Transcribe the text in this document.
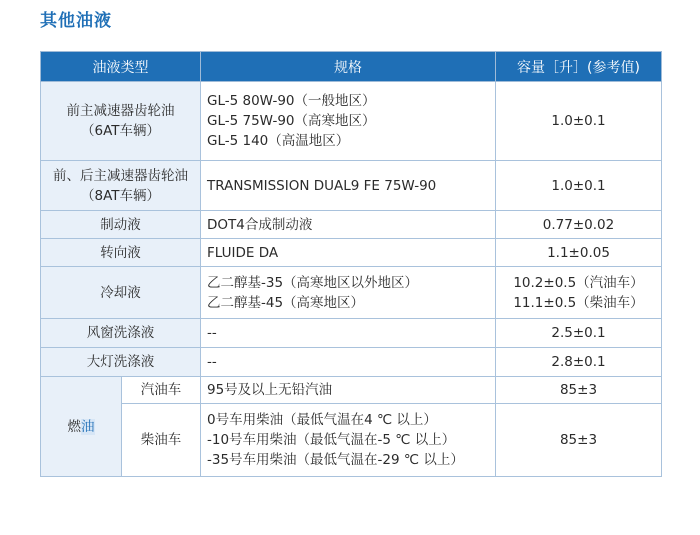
其他油液
油液类型		规格	容量［升］(参考值)

前主减速器齿轮油
（6AT车辆）		GL-5 80W-90（一般地区）
GL-5 75W-90（高寒地区）
GL-5 140（高温地区）	1.0±0.1

前、后主减速器齿轮油
（8AT车辆）		TRANSMISSION DUAL9 FE 75W-90	1.0±0.1

制动液		DOT4合成制动液	0.77±0.02

转向液		FLUIDE DA	1.1±0.05

冷却液		乙二醇基-35（高寒地区以外地区）
乙二醇基-45（高寒地区）	10.2±0.5（汽油车）
11.1±0.5（柴油车）

风窗洗涤液		--	2.5±0.1

大灯洗涤液		--	2.8±0.1

燃油	汽油车	95号及以上无铅汽油	85±3

	柴油车	0号车用柴油（最低气温在4 ℃ 以上）
-10号车用柴油（最低气温在-5 ℃ 以上）
-35号车用柴油（最低气温在-29 ℃ 以上）	85±3
